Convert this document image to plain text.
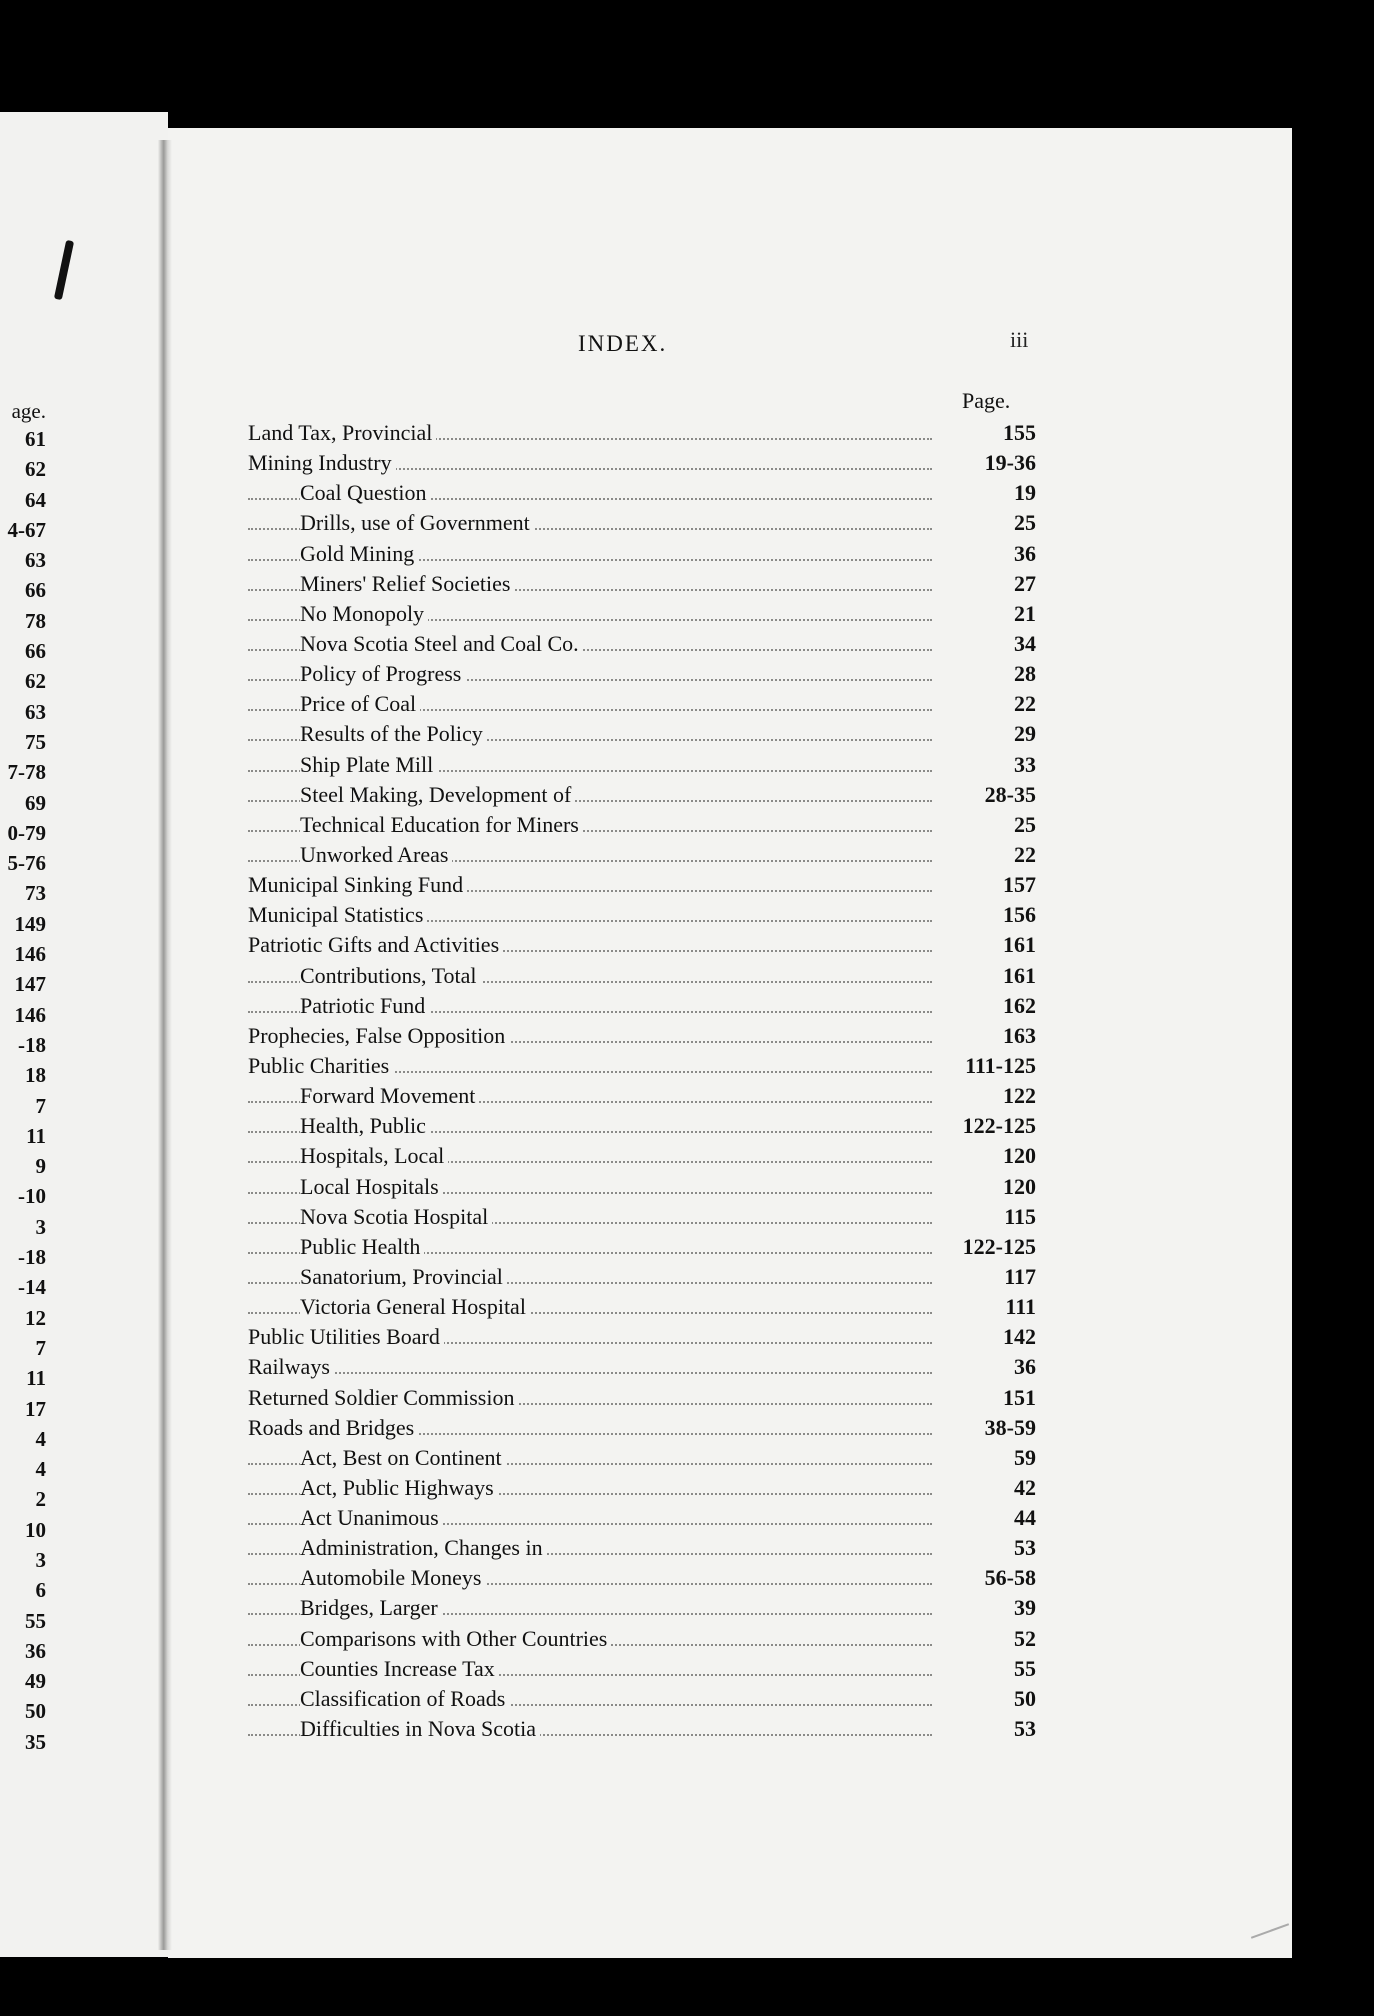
age.
61
62
64
4-67
63
66
78
66
62
63
75
7-78
69
0-79
5-76
73
149
146
147
146
-18
18
7
11
9
-10
3
-18
-14
12
7
11
17
4
4
2
10
3
6
55
36
49
50
35
INDEX.	iii
Page.
Land Tax, Provincial	155
Mining Industry	19-36
Coal Question	19
Drills, use of Government	25
Gold Mining	36
Miners' Relief Societies	27
No Monopoly	21
Nova Scotia Steel and Coal Co.	34
Policy of Progress	28
Price of Coal	22
Results of the Policy	29
Ship Plate Mill	33
Steel Making, Development of	28-35
Technical Education for Miners	25
Unworked Areas	22
Municipal Sinking Fund	157
Municipal Statistics	156
Patriotic Gifts and Activities	161
Contributions, Total	161
Patriotic Fund	162
Prophecies, False Opposition	163
Public Charities	111-125
Forward Movement	122
Health, Public	122-125
Hospitals, Local	120
Local Hospitals	120
Nova Scotia Hospital	115
Public Health	122-125
Sanatorium, Provincial	117
Victoria General Hospital	111
Public Utilities Board	142
Railways	36
Returned Soldier Commission	151
Roads and Bridges	38-59
Act, Best on Continent	59
Act, Public Highways	42
Act Unanimous	44
Administration, Changes in	53
Automobile Moneys	56-58
Bridges, Larger	39
Comparisons with Other Countries	52
Counties Increase Tax	55
Classification of Roads	50
Difficulties in Nova Scotia	53
